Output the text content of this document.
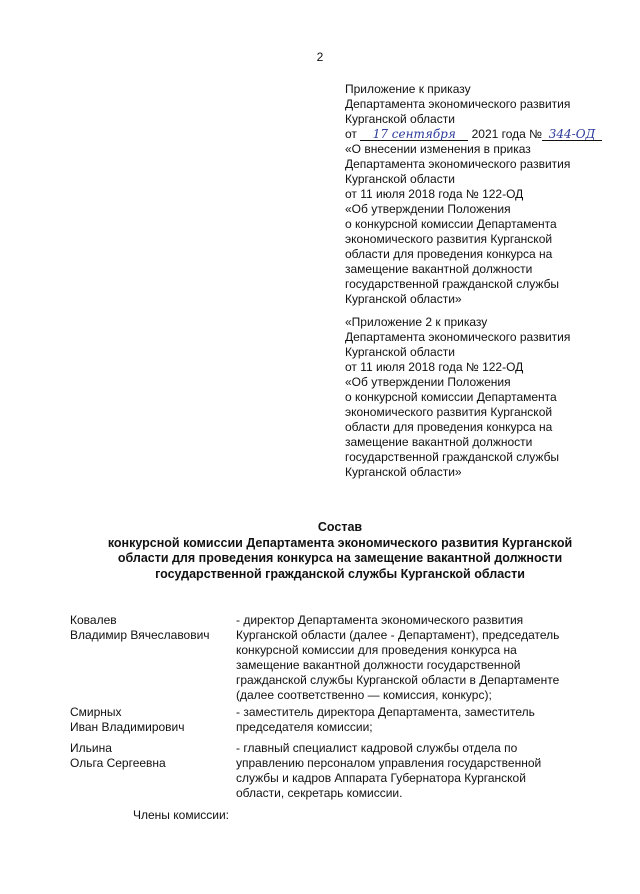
2
Приложение к приказу
Департамента экономического развития
Курганской области
от 17 сентября 2021 года № 344-ОД
«О внесении изменения в приказ
Департамента экономического развития
Курганской области
от 11 июля 2018 года № 122-ОД
«Об утверждении Положения
о конкурсной комиссии Департамента
экономического развития Курганской
области для проведения конкурса на
замещение вакантной должности
государственной гражданской службы
Курганской области»
«Приложение 2 к приказу
Департамента экономического развития
Курганской области
от 11 июля 2018 года № 122-ОД
«Об утверждении Положения
о конкурсной комиссии Департамента
экономического развития Курганской
области для проведения конкурса на
замещение вакантной должности
государственной гражданской службы
Курганской области»
Состав
конкурсной комиссии Департамента экономического развития Курганской
области для проведения конкурса на замещение вакантной должности
государственной гражданской службы Курганской области
Ковалев
Владимир Вячеславович
- директор Департамента экономического развития
Курганской области (далее - Департамент), председатель
конкурсной комиссии для проведения конкурса на
замещение вакантной должности государственной
гражданской службы Курганской области в Департаменте
(далее соответственно — комиссия, конкурс);
Смирных
Иван Владимирович
- заместитель директора Департамента, заместитель
председателя комиссии;
Ильина
Ольга Сергеевна
- главный специалист кадровой службы отдела по
управлению персоналом управления государственной
службы и кадров Аппарата Губернатора Курганской
области, секретарь комиссии.
Члены комиссии:
